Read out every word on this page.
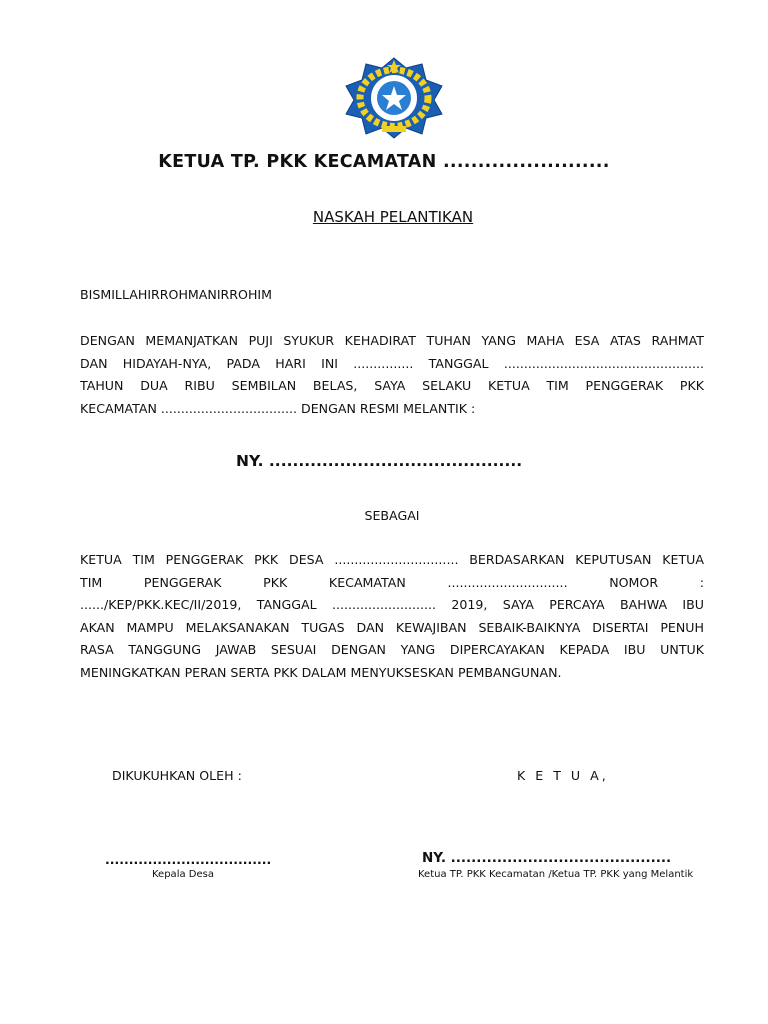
KETUA TP. PKK KECAMATAN ........................
NASKAH PELANTIKAN
BISMILLAHIRROHMANIRROHIM
DENGAN MEMANJATKAN PUJI SYUKUR KEHADIRAT TUHAN YANG MAHA ESA ATAS RAHMAT
DAN HIDAYAH-NYA, PADA HARI INI ............... TANGGAL ..................................................
TAHUN DUA RIBU SEMBILAN BELAS, SAYA SELAKU KETUA TIM PENGGERAK PKK
KECAMATAN .................................. DENGAN RESMI MELANTIK :
NY. ...........................................
SEBAGAI
KETUA TIM PENGGERAK PKK DESA ............................... BERDASARKAN KEPUTUSAN KETUA
TIM PENGGERAK PKK KECAMATAN .............................. NOMOR :
....../KEP/PKK.KEC/II/2019, TANGGAL .......................... 2019, SAYA PERCAYA BAHWA IBU
AKAN MAMPU MELAKSANAKAN TUGAS DAN KEWAJIBAN SEBAIK-BAIKNYA DISERTAI PENUH
RASA TANGGUNG JAWAB SESUAI DENGAN YANG DIPERCAYAKAN KEPADA IBU UNTUK
MENINGKATKAN PERAN SERTA PKK DALAM MENYUKSESKAN PEMBANGUNAN.
DIKUKUHKAN OLEH :	K E T U A,
...................................	NY. ...........................................
Kepala Desa	Ketua TP. PKK Kecamatan /Ketua TP. PKK yang Melantik
